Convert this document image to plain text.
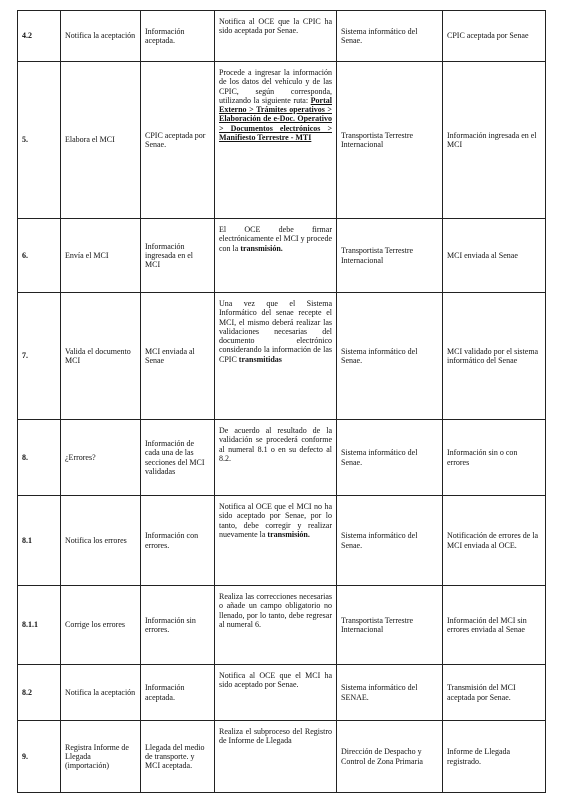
4.2	Notifica la aceptación	Información aceptada.	Notifica al OCE que la CPIC ha sido aceptada por Senae.	Sistema informático del Senae.	CPIC aceptada por Senae
5.	Elabora el MCI	CPIC aceptada por Senae.	Procede a ingresar la información de los datos del vehículo y de las CPIC, según corresponda, utilizando la siguiente ruta: Portal Externo > Trámites operativos > Elaboración de e-Doc. Operativo > Documentos electrónicos > Manifiesto Terrestre - MTI	Transportista Terrestre Internacional	Información ingresada en el MCI
6.	Envía el MCI	Información ingresada en el MCI	El OCE debe firmar electrónicamente el MCI y procede con la transmisión.	Transportista Terrestre Internacional	MCI enviada al Senae
7.	Valida el documento MCI	MCI enviada al Senae	Una vez que el Sistema Informático del senae recepte el MCI, el mismo deberá realizar las validaciones necesarias del documento electrónico considerando la información de las CPIC transmitidas	Sistema informático del Senae.	MCI validado por el sistema informático del Senae
8.	¿Errores?	Información de cada una de las secciones del MCI validadas	De acuerdo al resultado de la validación se procederá conforme al numeral 8.1 o en su defecto al 8.2.	Sistema informático del Senae.	Información sin o con errores
8.1	Notifica los errores	Información con errores.	Notifica al OCE que el MCI no ha sido aceptado por Senae, por lo tanto, debe corregir y realizar nuevamente la transmisión.	Sistema informático del Senae.	Notificación de errores de la MCI enviada al OCE.
8.1.1	Corrige los errores	Información sin errores.	Realiza las correcciones necesarias o añade un campo obligatorio no llenado, por lo tanto, debe regresar al numeral 6.	Transportista Terrestre Internacional	Información del MCI sin errores enviada al Senae
8.2	Notifica la aceptación	Información aceptada.	Notifica al OCE que el MCI ha sido aceptado por Senae.	Sistema informático del SENAE.	Transmisión del MCI aceptada por Senae.
9.	Registra Informe de Llegada (importación)	Llegada del medio de transporte. y MCI aceptada.	Realiza el subproceso del Registro de Informe de Llegada	Dirección de Despacho y Control de Zona Primaria	Informe de Llegada registrado.
